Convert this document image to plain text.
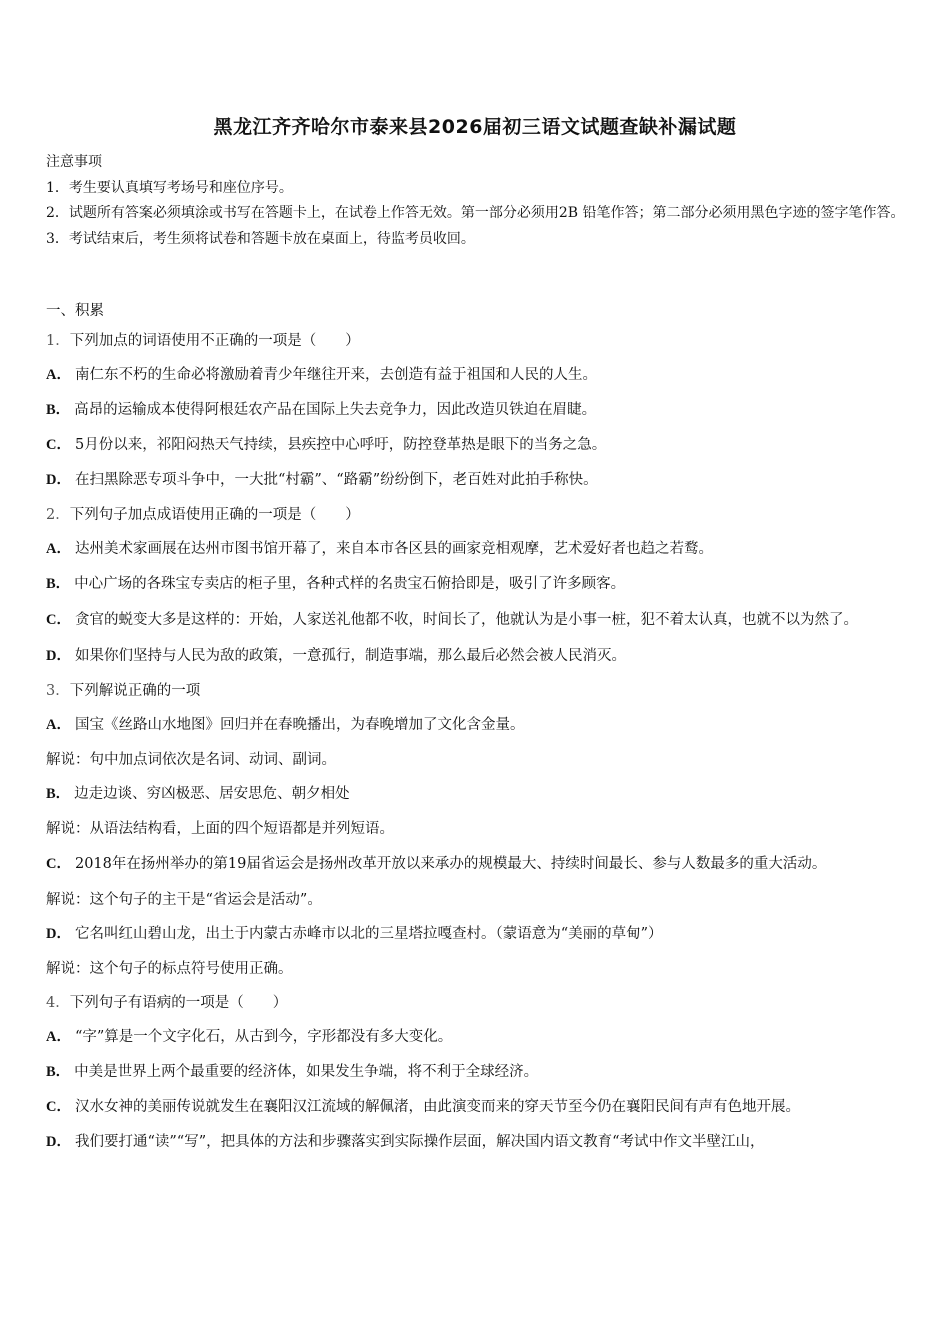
黑龙江齐齐哈尔市泰来县2026届初三语文试题查缺补漏试题
注意事项
1．考生要认真填写考场号和座位序号。
2．试题所有答案必须填涂或书写在答题卡上，在试卷上作答无效。第一部分必须用2B 铅笔作答；第二部分必须用黑色字迹的签字笔作答。
3．考试结束后，考生须将试卷和答题卡放在桌面上，待监考员收回。
一、积累
1．下列加点的词语使用不正确的一项是（　　）
A． 南仁东不朽的生命必将激励着青少年继往开来，去创造有益于祖国和人民的人生。
B． 高昂的运输成本使得阿根廷农产品在国际上失去竞争力，因此改造贝铁迫在眉睫。
C． 5月份以来，祁阳闷热天气持续，县疾控中心呼吁，防控登革热是眼下的当务之急。
D． 在扫黑除恶专项斗争中，一大批“村霸”、“路霸”纷纷倒下，老百姓对此拍手称快。
2．下列句子加点成语使用正确的一项是（　　）
A． 达州美术家画展在达州市图书馆开幕了，来自本市各区县的画家竞相观摩，艺术爱好者也趋之若鹜。
B． 中心广场的各珠宝专卖店的柜子里，各种式样的名贵宝石俯拾即是，吸引了许多顾客。
C． 贪官的蜕变大多是这样的：开始，人家送礼他都不收，时间长了，他就认为是小事一桩，犯不着太认真，也就不以为然了。
D． 如果你们坚持与人民为敌的政策，一意孤行，制造事端，那么最后必然会被人民消灭。
3．下列解说正确的一项
A． 国宝《丝路山水地图》回归并在春晚播出，为春晚增加了文化含金量。
解说：句中加点词依次是名词、动词、副词。
B． 边走边谈、穷凶极恶、居安思危、朝夕相处
解说：从语法结构看，上面的四个短语都是并列短语。
C． 2018年在扬州举办的第19届省运会是扬州改革开放以来承办的规模最大、持续时间最长、参与人数最多的重大活动。
解说：这个句子的主干是“省运会是活动”。
D． 它名叫红山碧山龙，出土于内蒙古赤峰市以北的三星塔拉嘎查村。（蒙语意为“美丽的草甸”）
解说：这个句子的标点符号使用正确。
4．下列句子有语病的一项是（　　）
A． “字”算是一个文字化石，从古到今，字形都没有多大变化。
B． 中美是世界上两个最重要的经济体，如果发生争端，将不利于全球经济。
C． 汉水女神的美丽传说就发生在襄阳汉江流域的解佩渚，由此演变而来的穿天节至今仍在襄阳民间有声有色地开展。
D． 我们要打通“读”“写”，把具体的方法和步骤落实到实际操作层面，解决国内语文教育“考试中作文半壁江山，
